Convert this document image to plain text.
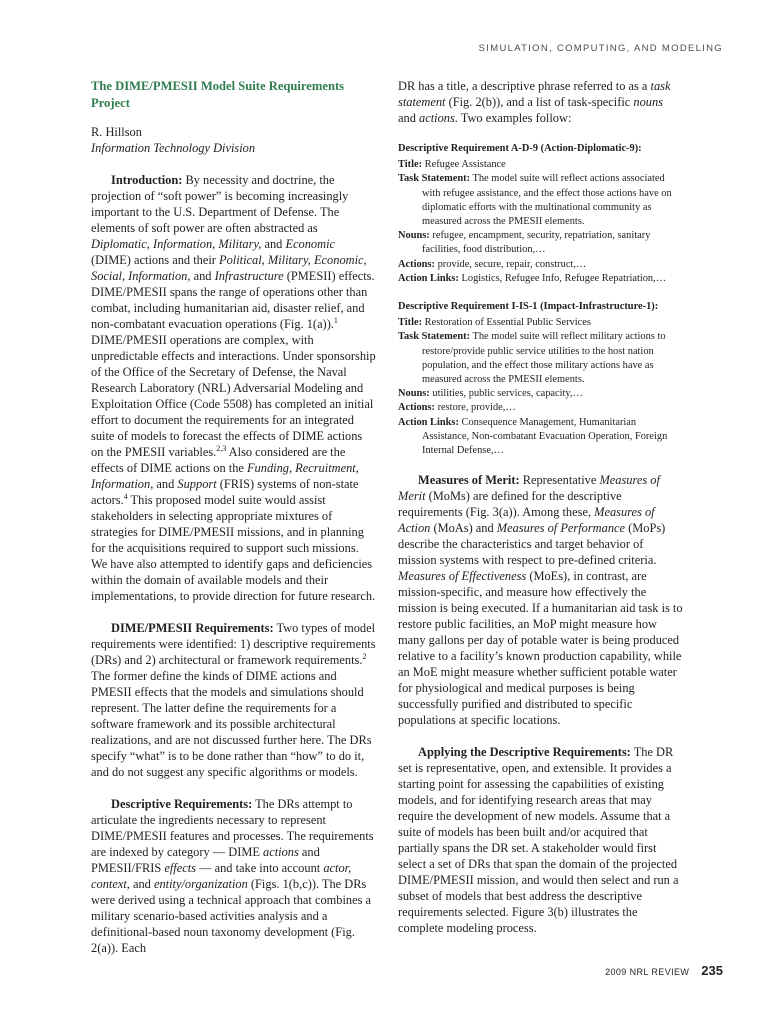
SIMULATION, COMPUTING, AND MODELING

The DIME/PMESII Model Suite Requirements Project

R. Hillson

Information Technology Division

Introduction: By necessity and doctrine, the projection of “soft power” is becoming increasingly important to the U.S. Department of Defense. The elements of soft power are often abstracted as Diplomatic, Information, Military, and Economic (DIME) actions and their Political, Military, Economic, Social, Information, and Infrastructure (PMESII) effects. DIME/PMESII spans the range of operations other than combat, including humanitarian aid, disaster relief, and non-combatant evacuation operations (Fig. 1(a)).$^1$ DIME/PMESII operations are complex, with unpredictable effects and interactions. Under sponsorship of the Office of the Secretary of Defense, the Naval Research Laboratory (NRL) Adversarial Modeling and Exploitation Office (Code 5508) has completed an initial effort to document the requirements for an integrated suite of models to forecast the effects of DIME actions on the PMESII variables.$^{2,3}$ Also considered are the effects of DIME actions on the Funding, Recruitment, Information, and Support (FRIS) systems of non-state actors.$^4$ This proposed model suite would assist stakeholders in selecting appropriate mixtures of strategies for DIME/PMESII missions, and in planning for the acquisitions required to support such missions. We have also attempted to identify gaps and deficiencies within the domain of available models and their implementations, to provide direction for future research.

DIME/PMESII Requirements: Two types of model requirements were identified: 1) descriptive requirements (DRs) and 2) architectural or framework requirements.$^2$ The former define the kinds of DIME actions and PMESII effects that the models and simulations should represent. The latter define the requirements for a software framework and its possible architectural realizations, and are not discussed further here. The DRs specify “what” is to be done rather than “how” to do it, and do not suggest any specific algorithms or models.

Descriptive Requirements: The DRs attempt to articulate the ingredients necessary to represent DIME/PMESII features and processes. The requirements are indexed by category — DIME actions and PMESII/FRIS effects — and take into account actor, context, and entity/organization (Figs. 1(b,c)). The DRs were derived using a technical approach that combines a military scenario-based activities analysis and a definitional-based noun taxonomy development (Fig. 2(a)). Each

DR has a title, a descriptive phrase referred to as a task statement (Fig. 2(b)), and a list of task-specific nouns and actions. Two examples follow:

Descriptive Requirement A-D-9 (Action-Diplomatic-9):

Title: Refugee Assistance

Task Statement: The model suite will reflect actions associated with refugee assistance, and the effect those actions have on diplomatic efforts with the multinational community as measured across the PMESII elements.

Nouns: refugee, encampment, security, repatriation, sanitary facilities, food distribution,…

Actions: provide, secure, repair, construct,…

Action Links: Logistics, Refugee Info, Refugee Repatriation,…

Descriptive Requirement I-IS-1 (Impact-Infrastructure-1):

Title: Restoration of Essential Public Services

Task Statement: The model suite will reflect military actions to restore/provide public service utilities to the host nation population, and the effect those military actions have as measured across the PMESII elements.

Nouns: utilities, public services, capacity,…

Actions: restore, provide,…

Action Links: Consequence Management, Humanitarian Assistance, Non-combatant Evacuation Operation, Foreign Internal Defense,…

Measures of Merit: Representative Measures of Merit (MoMs) are defined for the descriptive requirements (Fig. 3(a)). Among these, Measures of Action (MoAs) and Measures of Performance (MoPs) describe the characteristics and target behavior of mission systems with respect to pre-defined criteria. Measures of Effectiveness (MoEs), in contrast, are mission-specific, and measure how effectively the mission is being executed. If a humanitarian aid task is to restore public facilities, an MoP might measure how many gallons per day of potable water is being produced relative to a facility’s known production capability, while an MoE might measure whether sufficient potable water for physiological and medical purposes is being successfully purified and distributed to specific populations at specific locations.

Applying the Descriptive Requirements: The DR set is representative, open, and extensible. It provides a starting point for assessing the capabilities of existing models, and for identifying research areas that may require the development of new models. Assume that a suite of models has been built and/or acquired that partially spans the DR set. A stakeholder would first select a set of DRs that span the domain of the projected DIME/PMESII mission, and would then select and run a subset of models that best address the descriptive requirements selected. Figure 3(b) illustrates the complete modeling process.

2009 NRL REVIEW 235
